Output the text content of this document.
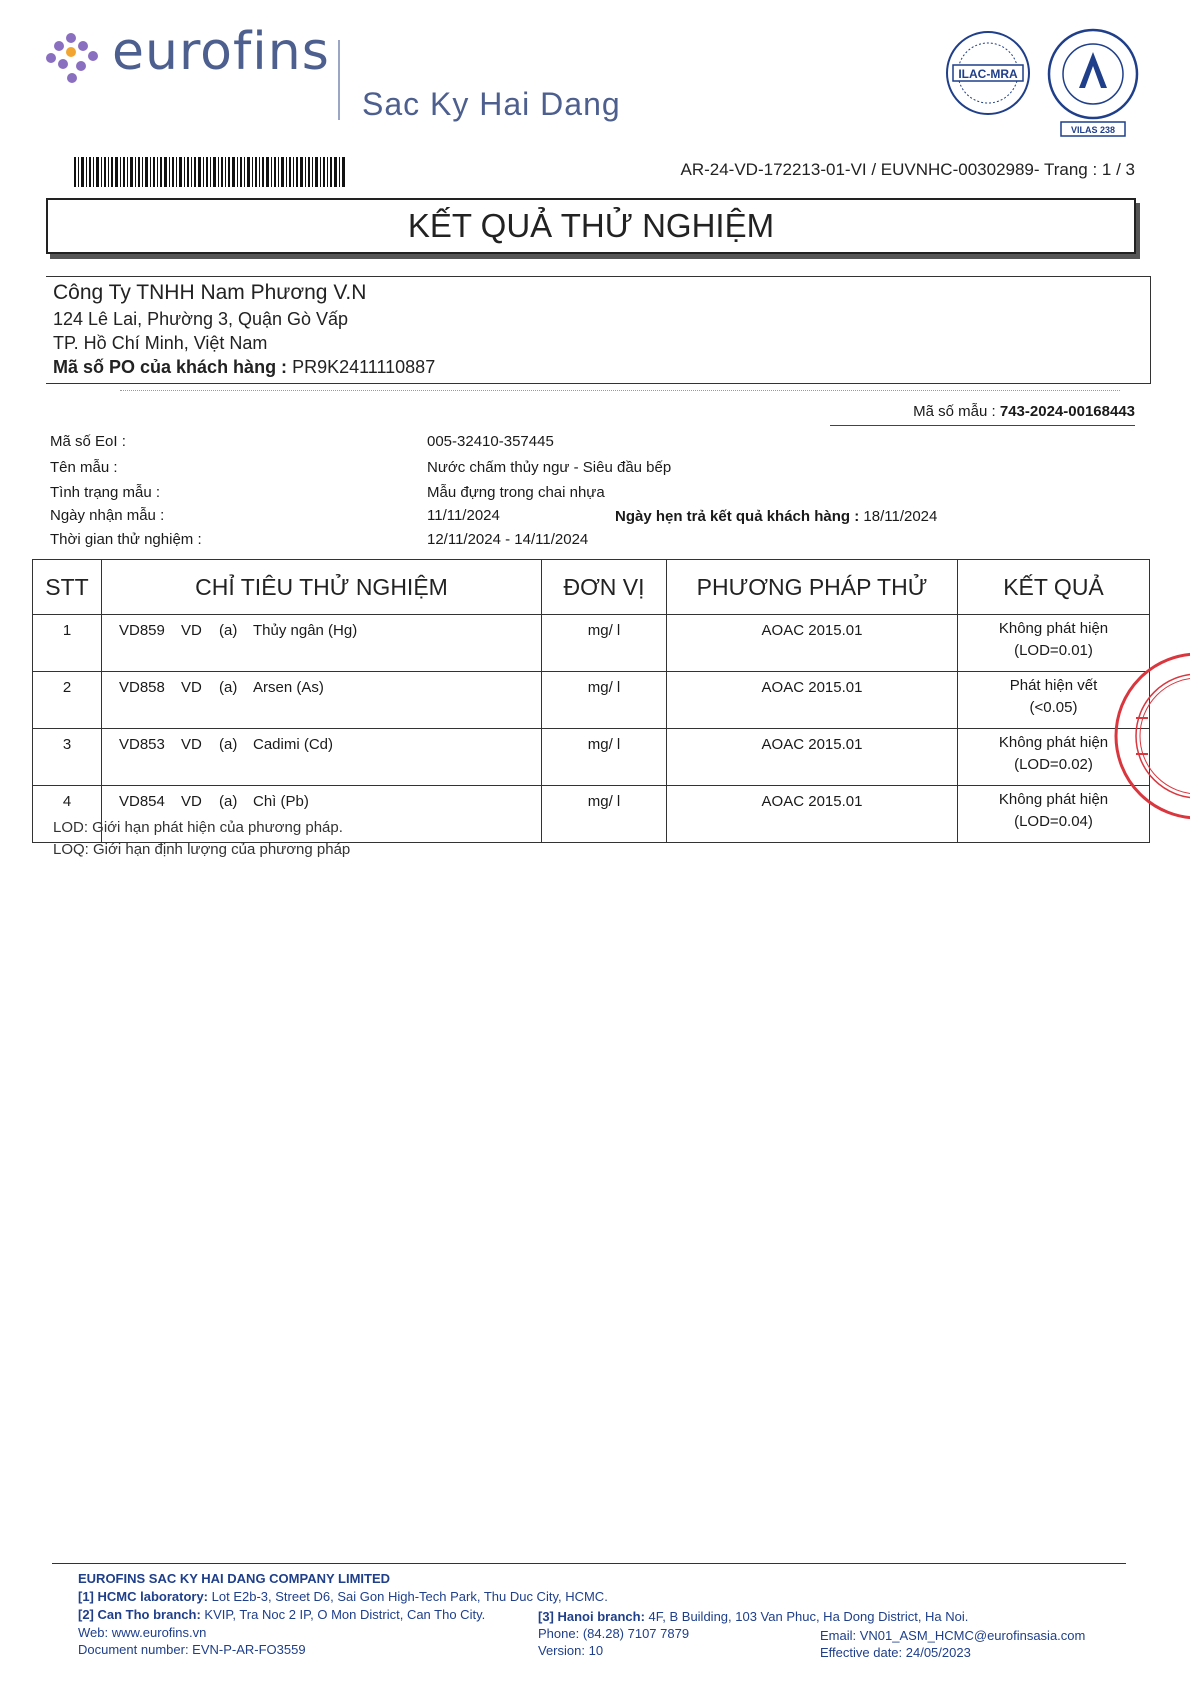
eurofins
Sac Ky Hai Dang
ILAC-MRA
VILAS 238
AR-24-VD-172213-01-VI / EUVNHC-00302989- Trang : 1 / 3
KẾT QUẢ THỬ NGHIỆM
Công Ty TNHH Nam Phương V.N
124 Lê Lai, Phường 3, Quận Gò Vấp
TP. Hồ Chí Minh, Việt Nam
Mã số PO của khách hàng : PR9K2411110887
Mã số mẫu : 743-2024-00168443
Mã số EoI :	005-32410-357445
Tên mẫu :	Nước chấm thủy ngư - Siêu đầu bếp
Tình trạng mẫu :	Mẫu đựng trong chai nhựa
Ngày nhận mẫu :	11/11/2024	Ngày hẹn trả kết quả khách hàng : 18/11/2024
Thời gian thử nghiệm :	12/11/2024 - 14/11/2024
STT	CHỈ TIÊU THỬ NGHIỆM	ĐƠN VỊ	PHƯƠNG PHÁP THỬ	KẾT QUẢ
1	VD859 VD (a) Thủy ngân (Hg)	mg/ l	AOAC 2015.01	Không phát hiện
(LOD=0.01)

2	VD858 VD (a) Arsen (As)	mg/ l	AOAC 2015.01	Phát hiện vết
(<0.05)

3	VD853 VD (a) Cadimi (Cd)	mg/ l	AOAC 2015.01	Không phát hiện
(LOD=0.02)

4	VD854 VD (a) Chì (Pb)	mg/ l	AOAC 2015.01	Không phát hiện
(LOD=0.04)
LOD: Giới hạn phát hiện của phương pháp.
LOQ: Giới hạn định lượng của phương pháp
EUROFINS SAC KY HAI DANG COMPANY LIMITED
[1] HCMC laboratory: Lot E2b-3, Street D6, Sai Gon High-Tech Park, Thu Duc City, HCMC.
[2] Can Tho branch: KVIP, Tra Noc 2 IP, O Mon District, Can Tho City.	[3] Hanoi branch: 4F, B Building, 103 Van Phuc, Ha Dong District, Ha Noi.
Web: www.eurofins.vn
Document number: EVN-P-AR-FO3559
Phone: (84.28) 7107 7879
Version: 10
Email: VN01_ASM_HCMC@eurofinsasia.com
Effective date: 24/05/2023
